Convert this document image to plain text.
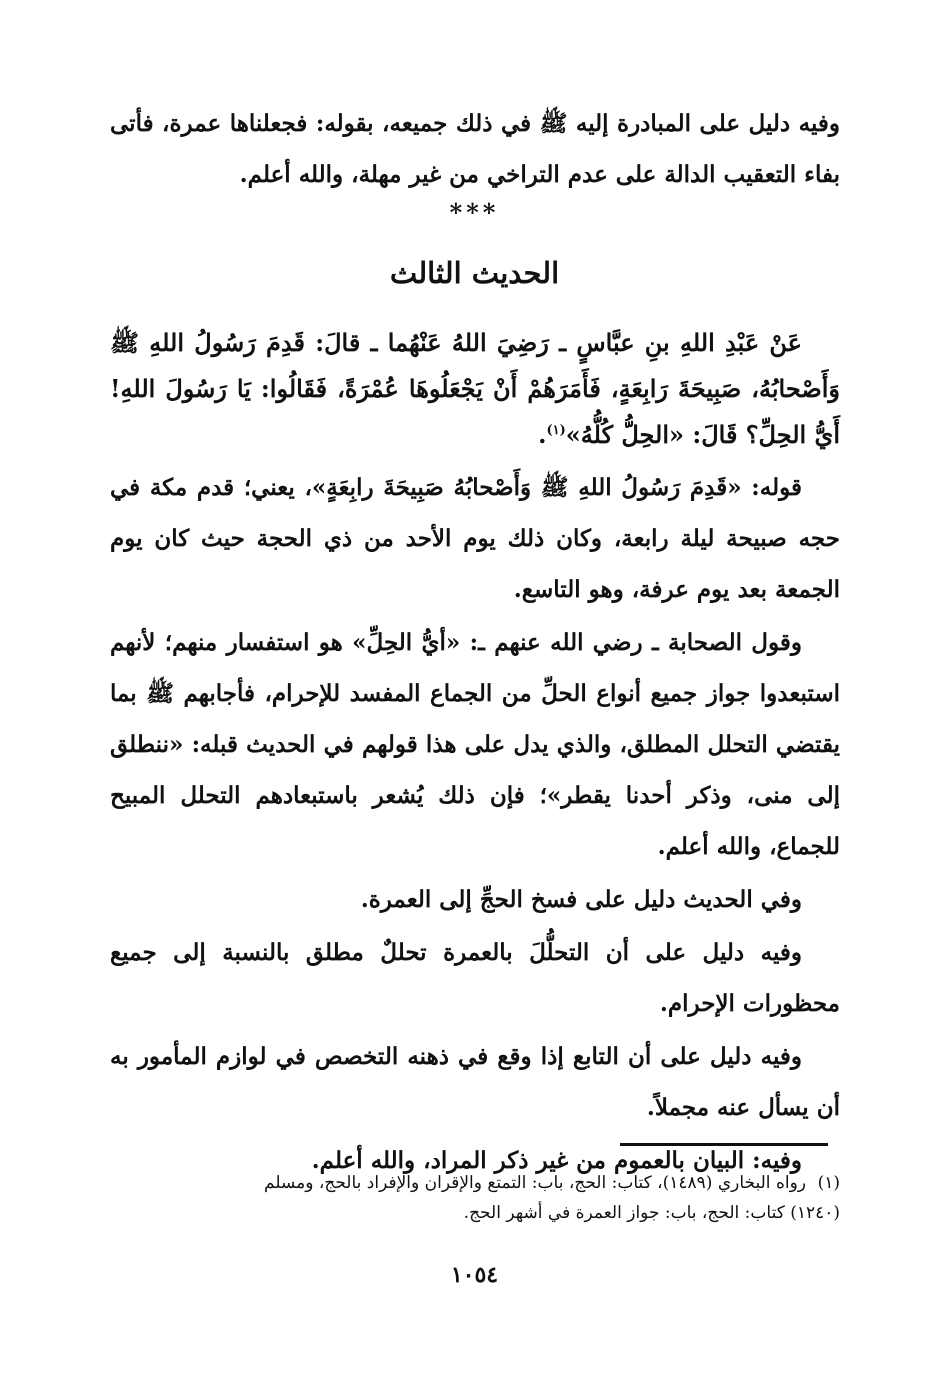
وفيه دليل على المبادرة إليه ﷺ في ذلك جميعه، بقوله: فجعلناها عمرة، فأتى بفاء التعقيب الدالة على عدم التراخي من غير مهلة، والله أعلم.

***
الحديث الثالث

عَنْ عَبْدِ اللهِ بنِ عبَّاسٍ ـ رَضِيَ اللهُ عَنْهُما ـ قالَ: قَدِمَ رَسُولُ اللهِ ﷺ وَأَصْحابُهُ، صَبِيحَةَ رَابِعَةٍ، فَأَمَرَهُمْ أَنْ يَجْعَلُوهَا عُمْرَةً، فَقَالُوا: يَا رَسُولَ اللهِ! أَيُّ الحِلِّ؟ قَالَ: «الحِلُّ كُلُّهُ»$^{(١)}$.

قوله: «قَدِمَ رَسُولُ اللهِ ﷺ وَأَصْحابُهُ صَبِيحَةَ رابِعَةٍ»، يعني؛ قدم مكة في حجه صبيحة ليلة رابعة، وكان ذلك يوم الأحد من ذي الحجة حيث كان يوم الجمعة بعد يوم عرفة، وهو التاسع.

وقول الصحابة ـ رضي الله عنهم ـ: «أيُّ الحِلِّ» هو استفسار منهم؛ لأنهم استبعدوا جواز جميع أنواع الحلِّ من الجماع المفسد للإحرام، فأجابهم ﷺ بما يقتضي التحلل المطلق، والذي يدل على هذا قولهم في الحديث قبله: «ننطلق إلى منى، وذكر أحدنا يقطر»؛ فإن ذلك يُشعر باستبعادهم التحلل المبيح للجماع، والله أعلم.

وفي الحديث دليل على فسخ الحجِّ إلى العمرة.

وفيه دليل على أن التحلُّلَ بالعمرة تحللٌ مطلق بالنسبة إلى جميع محظورات الإحرام.

وفيه دليل على أن التابع إذا وقع في ذهنه التخصص في لوازم المأمور به أن يسأل عنه مجملاً.

وفيه: البيان بالعموم من غير ذكر المراد، والله أعلم.

(١)رواه البخاري (١٤٨٩)، كتاب: الحج، باب: التمتع والإقران والإفراد بالحج، ومسلم
(١٢٤٠) كتاب: الحج، باب: جواز العمرة في أشهر الحج.
١٠٥٤
